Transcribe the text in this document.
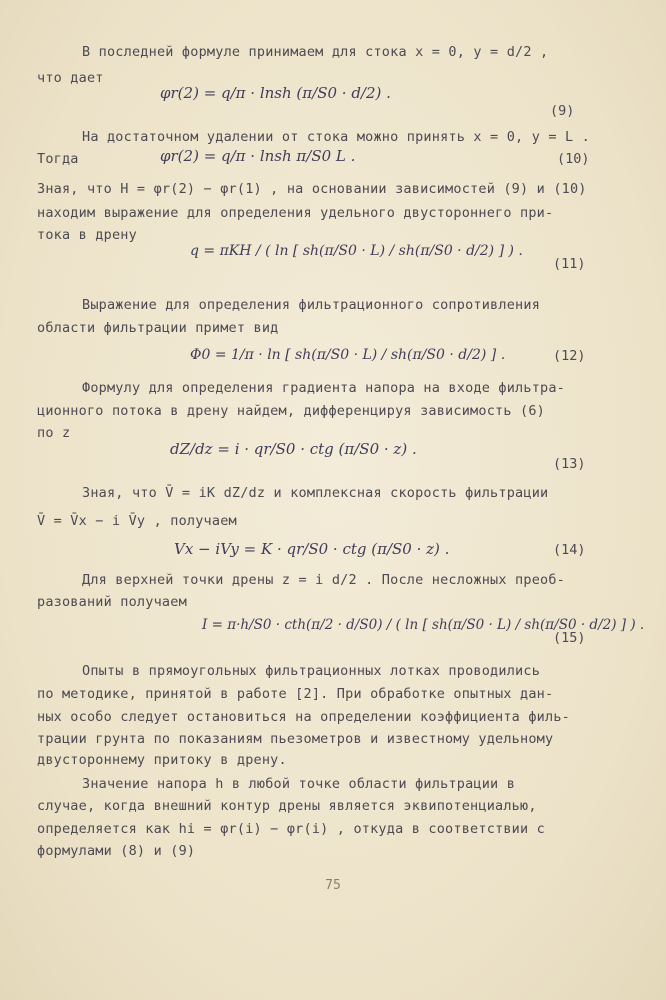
В последней формуле принимаем для стока x = 0, y = d/2 ,
что дает
φr(2) = q/π · lnsh (π/S0 · d/2) .
(9)
На достаточном удалении от стока можно принять x = 0, y = L .
Тогда	φr(2) = q/π · lnsh π/S0 L .	(10)
Зная, что H = φr(2) − φr(1) , на основании зависимостей (9) и (10)
находим выражение для определения удельного двустороннего при-
тока в дрену
q = πKH / ( ln [ sh(π/S0 · L) / sh(π/S0 · d/2) ] ) .
(11)
Выражение для определения фильтрационного сопротивления
области фильтрации примет вид
Φ0 = 1/π · ln [ sh(π/S0 · L) / sh(π/S0 · d/2) ] .	(12)
Формулу для определения градиента напора на входе фильтра-
ционного потока в дрену найдем, дифференцируя зависимость (6)
по z
dZ/dz = i · qr/S0 · ctg (π/S0 · z) .
(13)
Зная, что V̄ = iK dZ/dz и комплексная скорость фильтрации
V̄ = V̄x − i V̄y , получаем
Vx − iVy = K · qr/S0 · ctg (π/S0 · z) .	(14)
Для верхней точки дрены z = i d/2 . После несложных преоб-
разований получаем
I = π·h/S0 · cth(π/2 · d/S0) / ( ln [ sh(π/S0 · L) / sh(π/S0 · d/2) ] ) .
(15)
Опыты в прямоугольных фильтрационных лотках проводились
по методике, принятой в работе [2]. При обработке опытных дан-
ных особо следует остановиться на определении коэффициента филь-
трации грунта по показаниям пьезометров и известному удельному
двустороннему притоку в дрену.
Значение напора h в любой точке области фильтрации в
случае, когда внешний контур дрены является эквипотенциалью,
определяется как hi = φr(i) − φr(i) , откуда в соответствии с
формулами (8) и (9)
75
